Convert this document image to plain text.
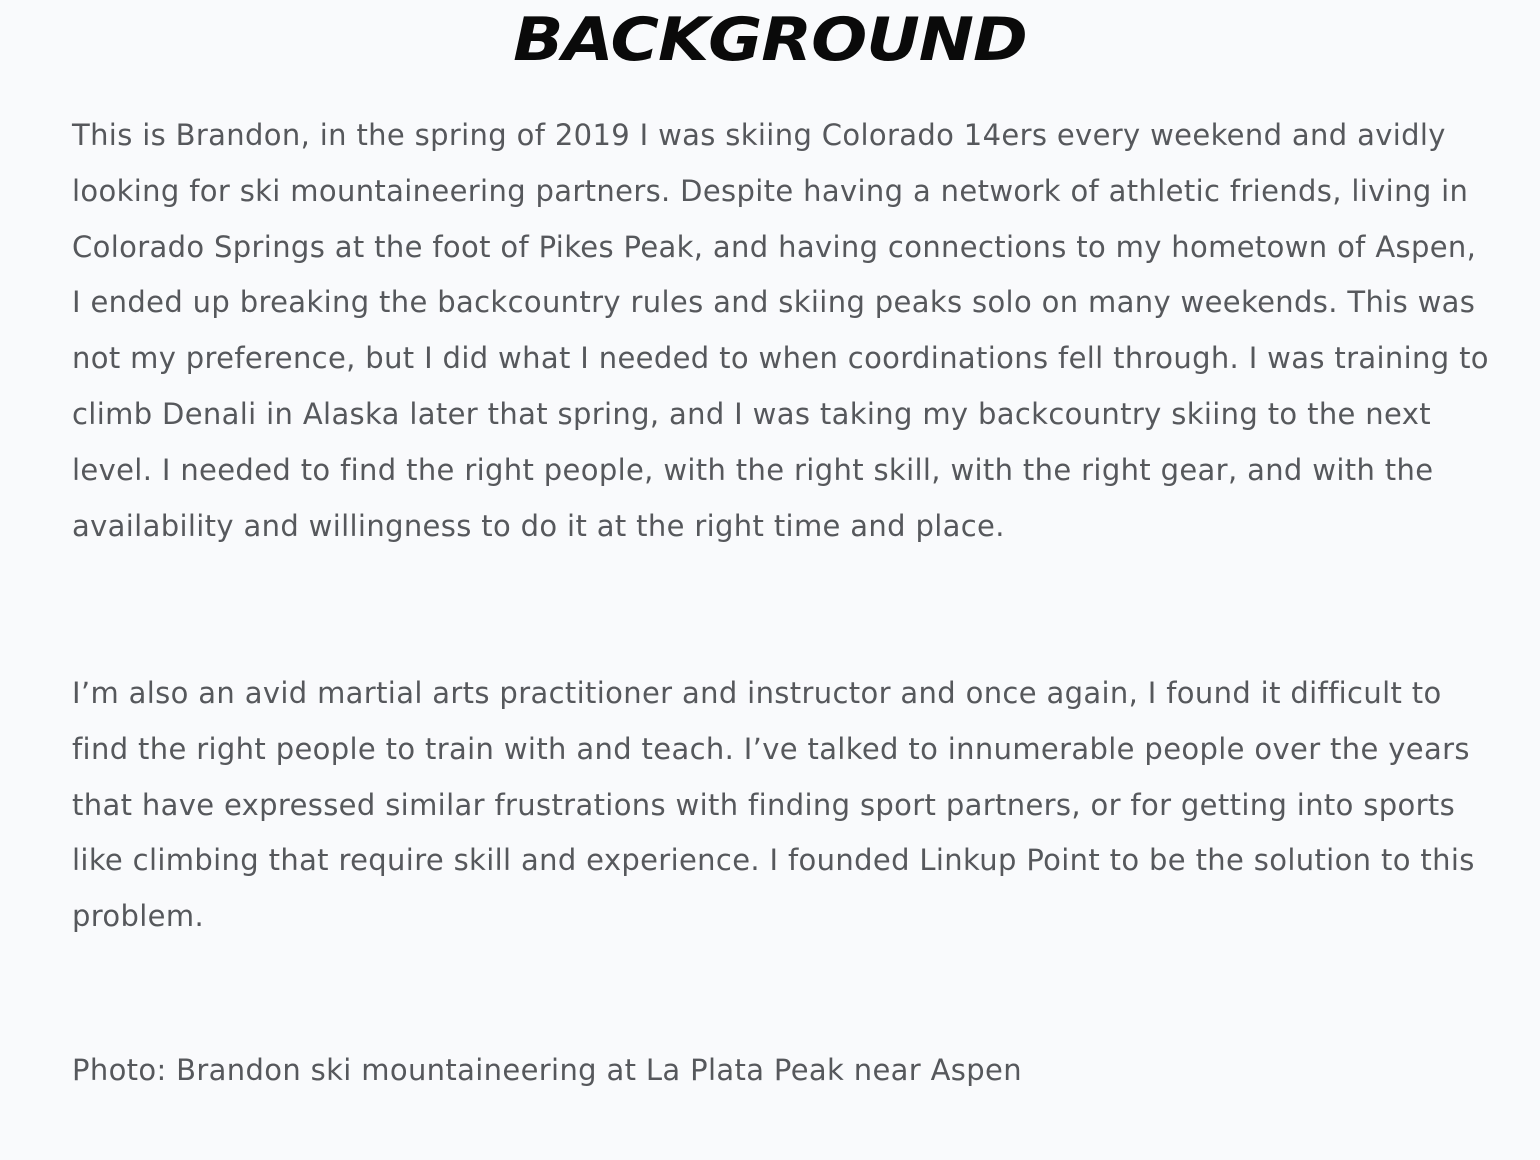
BACKGROUND

This is Brandon, in the spring of 2019 I was skiing Colorado 14ers every weekend and avidly looking for ski mountaineering partners. Despite having a network of athletic friends, living in Colorado Springs at the foot of Pikes Peak, and having connections to my hometown of Aspen, I ended up breaking the backcountry rules and skiing peaks solo on many weekends. This was not my preference, but I did what I needed to when coordinations fell through. I was training to climb Denali in Alaska later that spring, and I was taking my backcountry skiing to the next level. I needed to find the right people, with the right skill, with the right gear, and with the availability and willingness to do it at the right time and place.

I’m also an avid martial arts practitioner and instructor and once again, I found it difficult to find the right people to train with and teach. I’ve talked to innumerable people over the years that have expressed similar frustrations with finding sport partners, or for getting into sports like climbing that require skill and experience. I founded Linkup Point to be the solution to this problem.

Photo: Brandon ski mountaineering at La Plata Peak near Aspen
